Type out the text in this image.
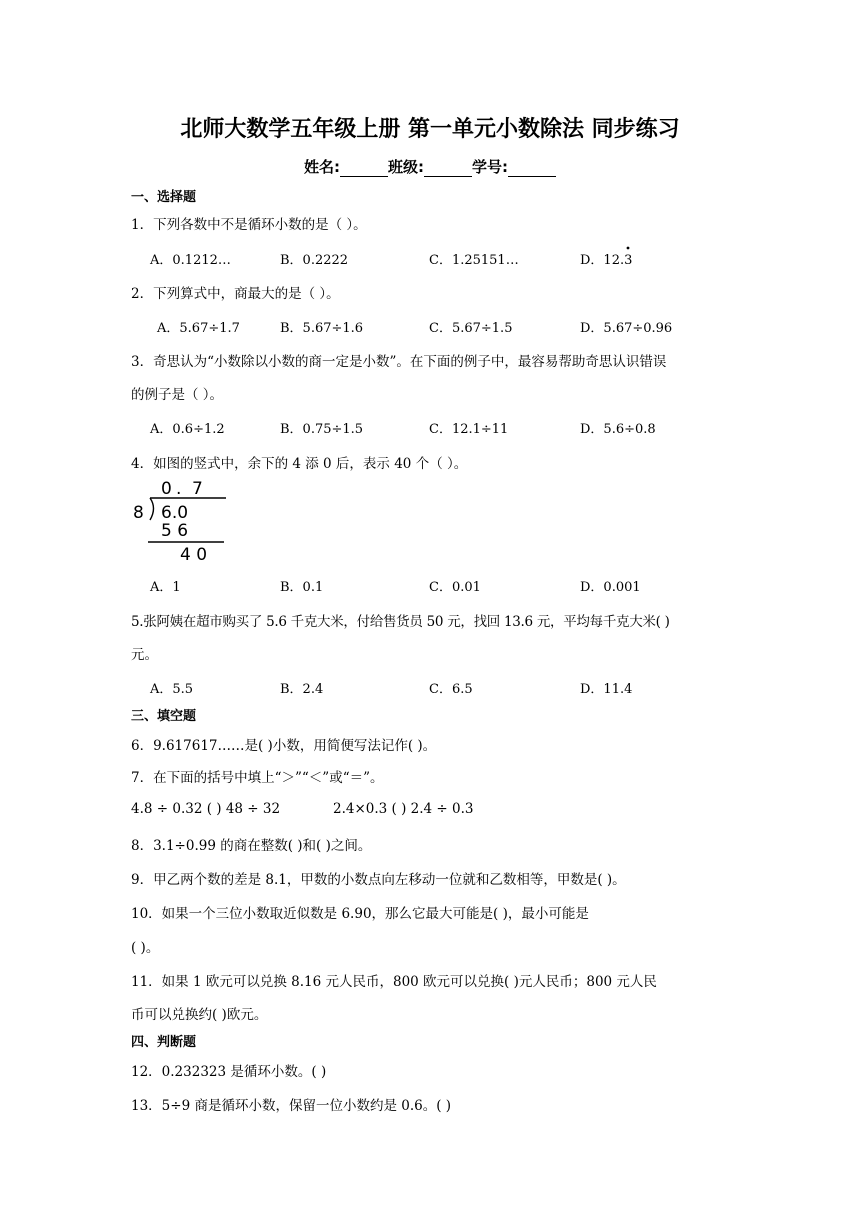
北师大数学五年级上册 第一单元小数除法 同步练习
姓名:	班级:	学号:
一、选择题
1．下列各数中不是循环小数的是（ ）。
A．0.1212…	B．0.2222	C．1.25151…	D．12.3
2．下列算式中，商最大的是（ ）。
A．5.67÷1.7	B．5.67÷1.6	C．5.67÷1.5	D．5.67÷0.96
3．奇思认为“小数除以小数的商一定是小数”。在下面的例子中，最容易帮助奇思认识错误
的例子是（ ）。
A．0.6÷1.2	B．0.75÷1.5	C．12.1÷11	D．5.6÷0.8
4．如图的竖式中，余下的 4 添 0 后，表示 40 个（ ）。
0 . 7
8 6.0
5 6
4 0
A．1	B．0.1	C．0.01	D．0.001
5.张阿姨在超市购买了 5.6 千克大米，付给售货员 50 元，找回 13.6 元，平均每千克大米( )
元。
A．5.5	B．2.4	C．6.5	D．11.4
三、填空题
6．9.617617……是( )小数，用简便写法记作( )。
7．在下面的括号中填上“＞”“＜”或“＝”。
4.8 ÷ 0.32 ( ) 48 ÷ 32	2.4×0.3 ( ) 2.4 ÷ 0.3
8．3.1÷0.99 的商在整数( )和( )之间。
9．甲乙两个数的差是 8.1，甲数的小数点向左移动一位就和乙数相等，甲数是( )。
10．如果一个三位小数取近似数是 6.90，那么它最大可能是( )，最小可能是
( )。
11．如果 1 欧元可以兑换 8.16 元人民币，800 欧元可以兑换( )元人民币；800 元人民
币可以兑换约( )欧元。
四、判断题
12．0.232323 是循环小数。( )
13．5÷9 商是循环小数，保留一位小数约是 0.6。( )
